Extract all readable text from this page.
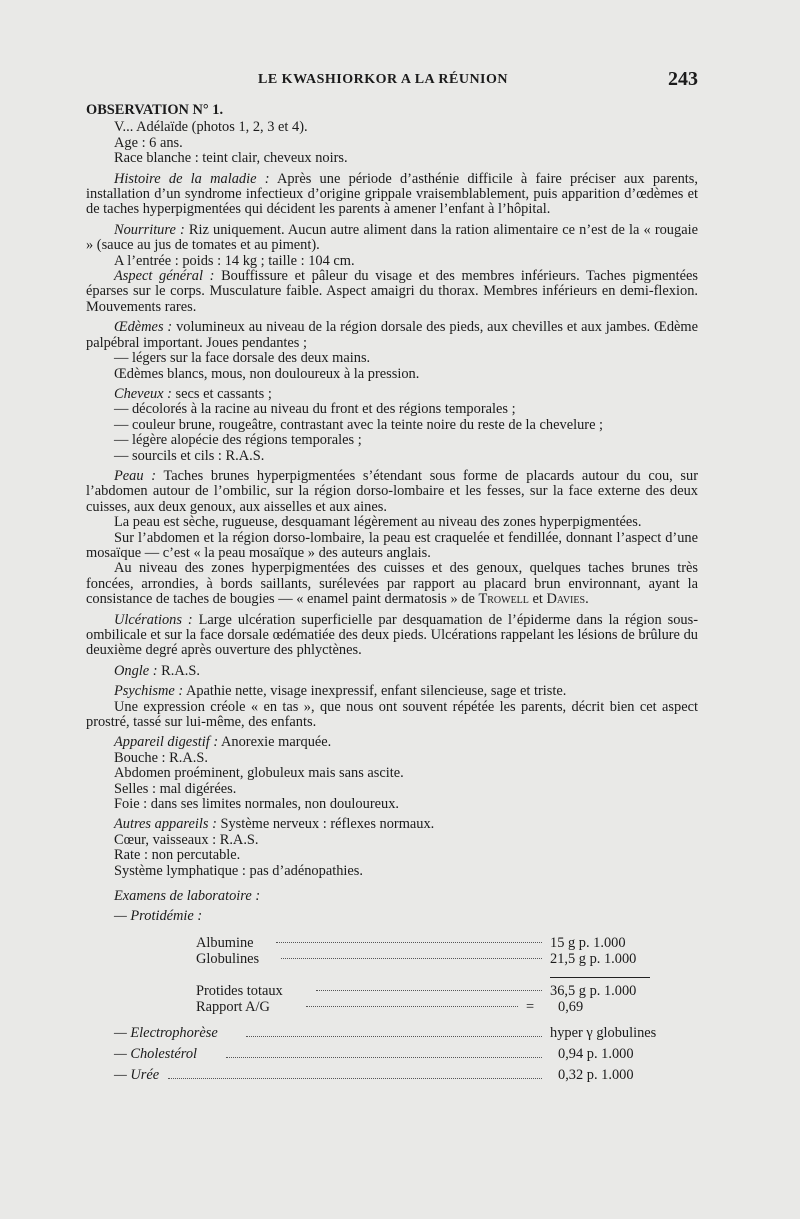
LE KWASHIORKOR A LA RÉUNION	243

OBSERVATION N° 1.

V... Adélaïde (photos 1, 2, 3 et 4).

Age : 6 ans.

Race blanche : teint clair, cheveux noirs.

Histoire de la maladie : Après une période d’asthénie difficile à faire préciser aux parents, installation d’un syndrome infectieux d’origine grippale vraisemblablement, puis apparition d’œdèmes et de taches hyperpigmentées qui décident les parents à amener l’enfant à l’hôpital.

Nourriture : Riz uniquement. Aucun autre aliment dans la ration alimentaire ce n’est de la « rougaie » (sauce au jus de tomates et au piment).

A l’entrée : poids : 14 kg ; taille : 104 cm.

Aspect général : Bouffissure et pâleur du visage et des membres inférieurs. Taches pigmentées éparses sur le corps. Musculature faible. Aspect amaigri du thorax. Membres inférieurs en demi-flexion. Mouvements rares.

Œdèmes : volumineux au niveau de la région dorsale des pieds, aux chevilles et aux jambes. Œdème palpébral important. Joues pendantes ;

— légers sur la face dorsale des deux mains.

Œdèmes blancs, mous, non douloureux à la pression.

Cheveux : secs et cassants ;

— décolorés à la racine au niveau du front et des régions temporales ;

— couleur brune, rougeâtre, contrastant avec la teinte noire du reste de la chevelure ;

— légère alopécie des régions temporales ;

— sourcils et cils : R.A.S.

Peau : Taches brunes hyperpigmentées s’étendant sous forme de placards autour du cou, sur l’abdomen autour de l’ombilic, sur la région dorso-lombaire et les fesses, sur la face externe des deux cuisses, aux deux genoux, aux aisselles et aux aines.

La peau est sèche, rugueuse, desquamant légèrement au niveau des zones hyperpigmentées.

Sur l’abdomen et la région dorso-lombaire, la peau est craquelée et fendillée, donnant l’aspect d’une mosaïque — c’est « la peau mosaïque » des auteurs anglais.

Au niveau des zones hyperpigmentées des cuisses et des genoux, quelques taches brunes très foncées, arrondies, à bords saillants, surélevées par rapport au placard brun environnant, ayant la consistance de taches de bougies — « enamel paint dermatosis » de Trowell et Davies.

Ulcérations : Large ulcération superficielle par desquamation de l’épiderme dans la région sous-ombilicale et sur la face dorsale œdématiée des deux pieds. Ulcérations rappelant les lésions de brûlure du deuxième degré après ouverture des phlyctènes.

Ongle : R.A.S.

Psychisme : Apathie nette, visage inexpressif, enfant silencieuse, sage et triste.

Une expression créole « en tas », que nous ont souvent répétée les parents, décrit bien cet aspect prostré, tassé sur lui-même, des enfants.

Appareil digestif : Anorexie marquée.

Bouche : R.A.S.

Abdomen proéminent, globuleux mais sans ascite.

Selles : mal digérées.

Foie : dans ses limites normales, non douloureux.

Autres appareils : Système nerveux : réflexes normaux.

Cœur, vaisseaux : R.A.S.

Rate : non percutable.

Système lymphatique : pas d’adénopathies.

Examens de laboratoire :

— Protidémie :

Albumine	15 g p. 1.000
Globulines	21,5 g p. 1.000
Protides totaux	36,5 g p. 1.000
Rapport A/G	= 0,69
— Electrophorèse	hyper γ globulines
— Cholestérol	0,94 p. 1.000
— Urée	0,32 p. 1.000
